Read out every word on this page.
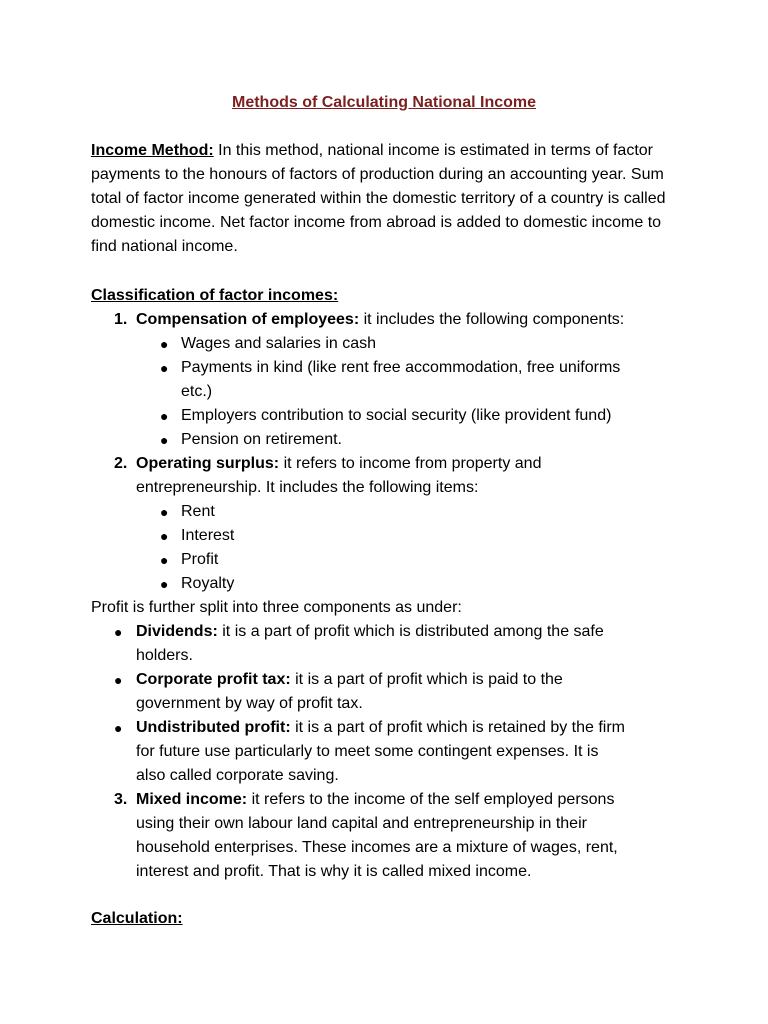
Methods of Calculating National Income

Income Method: In this method, national income is estimated in terms of factor payments to the honours of factors of production during an accounting year. Sum total of factor income generated within the domestic territory of a country is called domestic income. Net factor income from abroad is added to domestic income to find national income.

Classification of factor incomes:
1. Compensation of employees: it includes the following components:
● Wages and salaries in cash
● Payments in kind (like rent free accommodation, free uniforms
etc.)
● Employers contribution to social security (like provident fund)
● Pension on retirement.
2. Operating surplus: it refers to income from property and
entrepreneurship. It includes the following items:
● Rent
● Interest
● Profit
● Royalty
Profit is further split into three components as under:
● Dividends: it is a part of profit which is distributed among the safe
holders.
● Corporate profit tax: it is a part of profit which is paid to the
government by way of profit tax.
● Undistributed profit: it is a part of profit which is retained by the firm
for future use particularly to meet some contingent expenses. It is
also called corporate saving.
3. Mixed income: it refers to the income of the self employed persons
using their own labour land capital and entrepreneurship in their
household enterprises. These incomes are a mixture of wages, rent,
interest and profit. That is why it is called mixed income.
Calculation:
